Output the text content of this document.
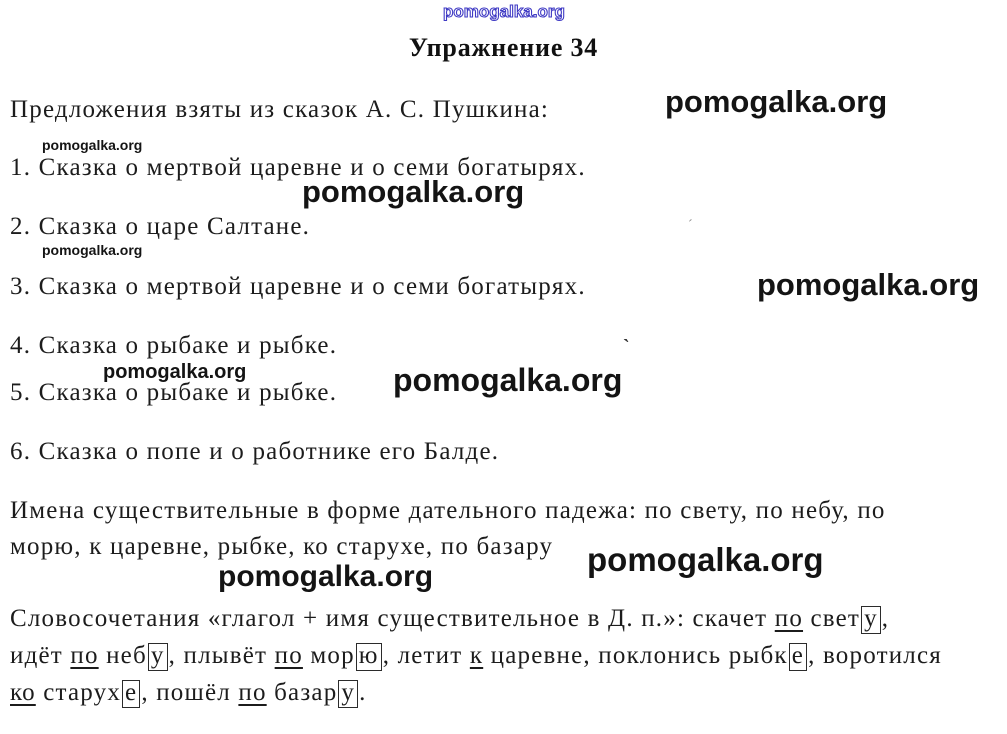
pomogalka.org
Упражнение 34
Предложения взяты из сказок А. С. Пушкина:	pomogalka.org
pomogalka.org
1. Сказка о мертвой царевне и о семи богатырях.
pomogalka.org
2. Сказка о царе Салтане.	´
pomogalka.org
3. Сказка о мертвой царевне и о семи богатырях.	pomogalka.org
4. Сказка о рыбаке и рыбке.	ˋ
pomogalka.org
5. Сказка о рыбаке и рыбке. pomogalka.org
6. Сказка о попе и о работнике его Балде.
Имена существительные в форме дательного падежа: по свету, по небу, по
морю, к царевне, рыбке, ко старухе, по базару pomogalka.org
pomogalka.org
Словосочетания «глагол + имя существительное в Д. п.»: скачет по свет у ,
идёт по неб у , плывёт по мор ю , летит к царевне, поклонись рыбк е , воротился
ко старух е , пошёл по базар у .
